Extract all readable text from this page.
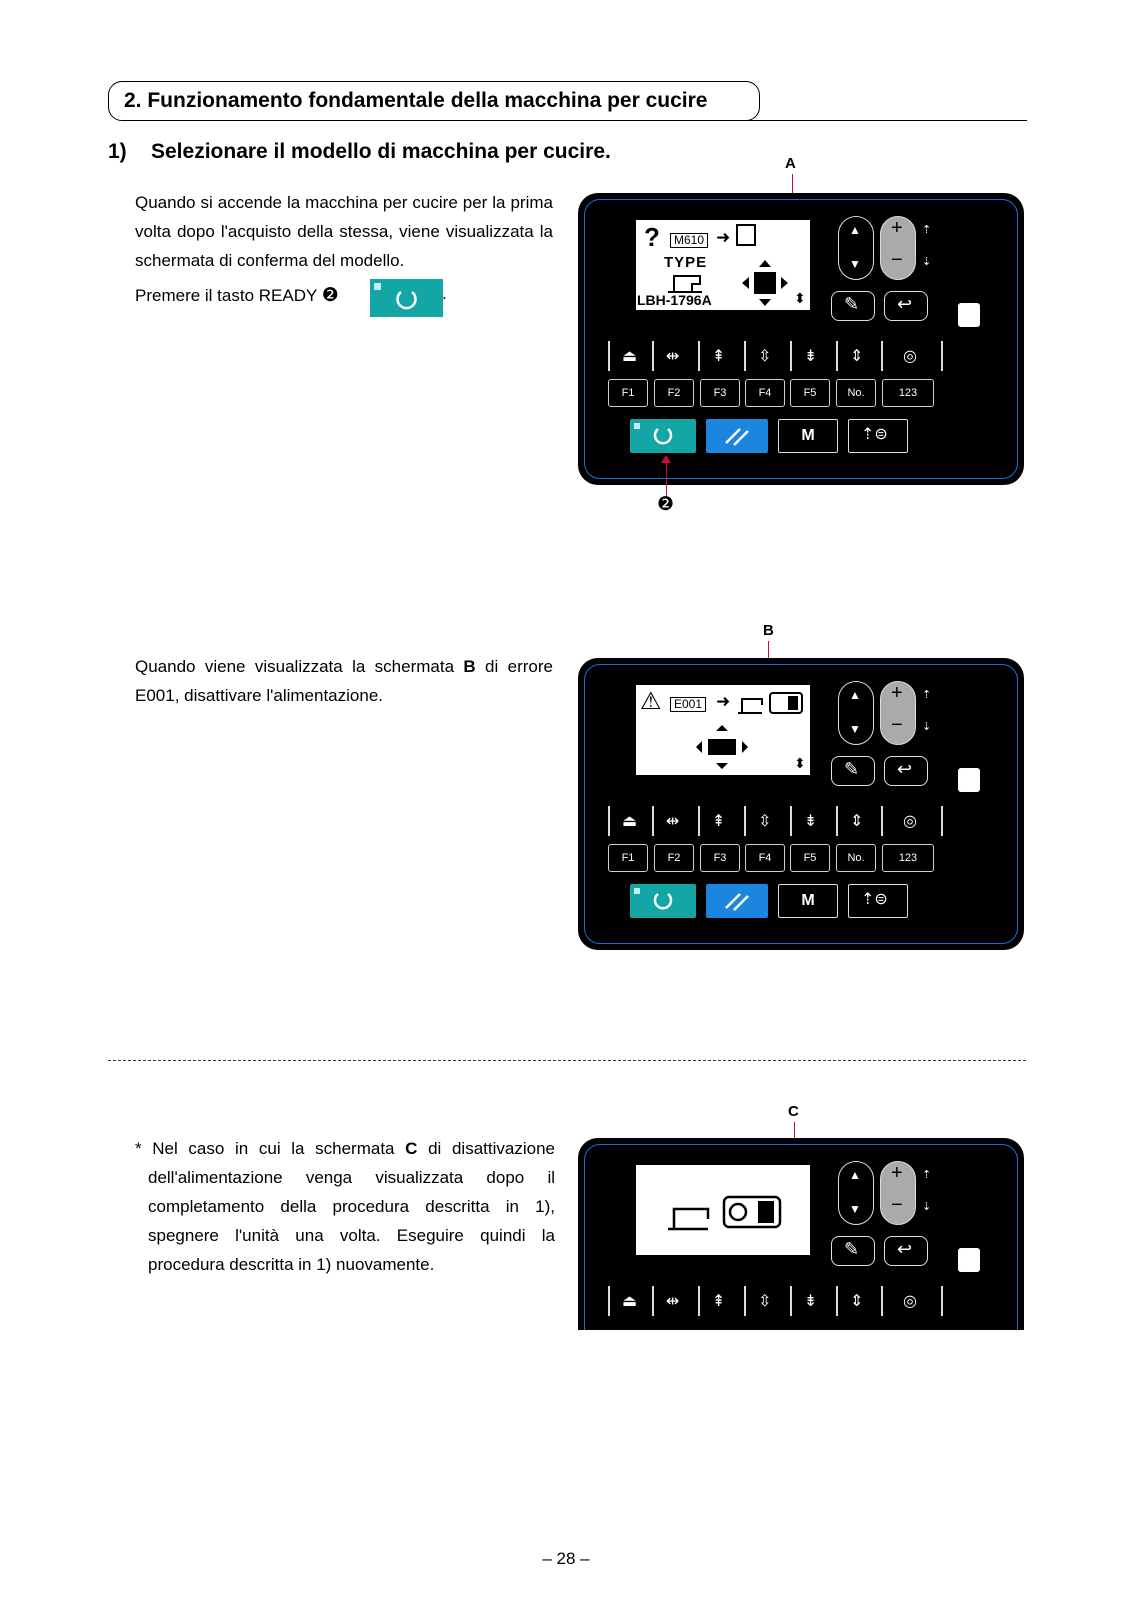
2. Funzionamento fondamentale della macchina per cucire
1) Selezionare il modello di macchina per cucire.
Quando si accende la macchina per cucire per la prima volta dopo l'acquisto della stessa, viene visualizzata la schermata di conferma del modello.
Premere il tasto READY ❷	.
A
?	M610 ➜
TYPE
LBH-1796A	⬍
▲
▼
+
−
⇡
⇣
✎ ↩
⏏ ⇹ ⇞ ⇳ ⇟ ⇕ ◎
F1	F2	F3	F4	F5	No.	123
M	⇡⊜
❷
Quando viene visualizzata la schermata B di errore E001, disattivare l'alimentazione.
B
⚠	E001 ➜
⬍
▲
▼
+
−
⇡
⇣
✎ ↩
⏏ ⇹ ⇞ ⇳ ⇟ ⇕ ◎
F1	F2	F3	F4	F5	No.	123
M	⇡⊜
* Nel caso in cui la schermata C di disattivazione dell'alimentazione venga visualizzata dopo il completamento della procedura descritta in 1), spegnere l'unità una volta. Eseguire quindi la procedura descritta in 1) nuovamente.
C
▲
▼
+
−
⇡
⇣
✎ ↩
⏏ ⇹ ⇞ ⇳ ⇟ ⇕ ◎
– 28 –
